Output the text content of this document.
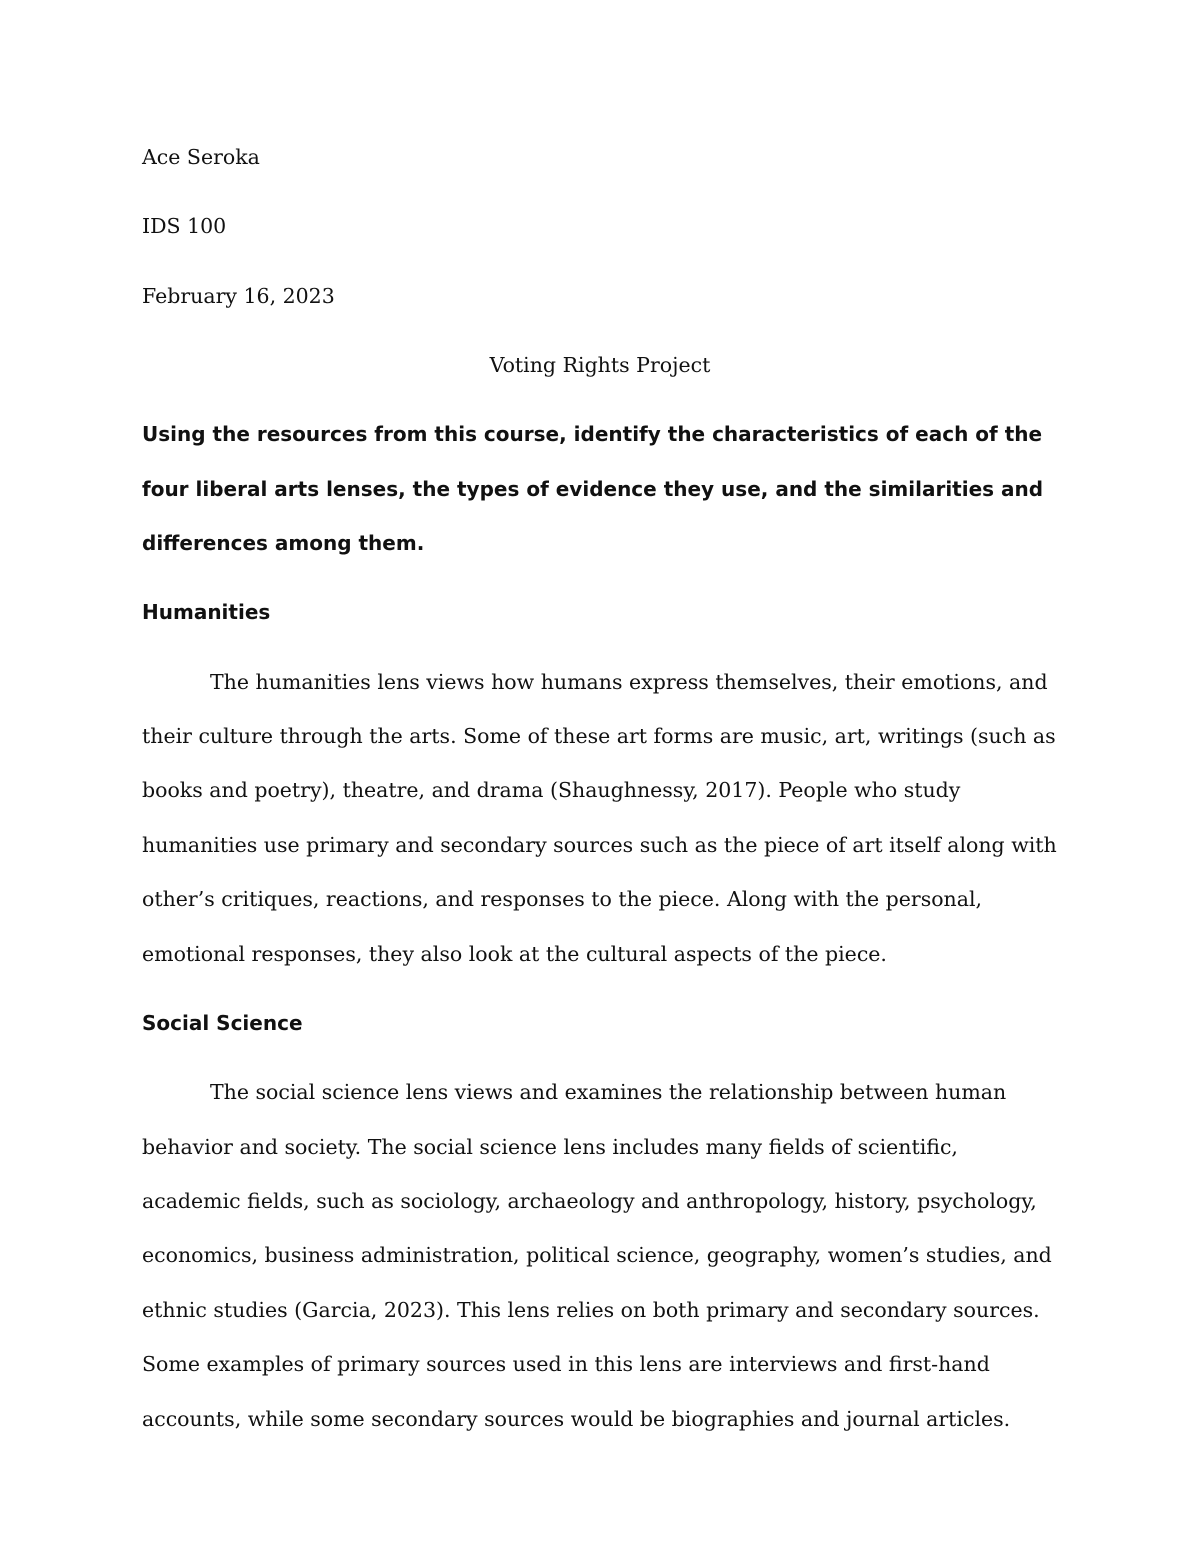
Ace Seroka

IDS 100

February 16, 2023

Voting Rights Project

Using the resources from this course, identify the characteristics of each of the four liberal arts lenses, the types of evidence they use, and the similarities and differences among them.

Humanities

The humanities lens views how humans express themselves, their emotions, and their culture through the arts. Some of these art forms are music, art, writings (such as books and poetry), theatre, and drama (Shaughnessy, 2017). People who study humanities use primary and secondary sources such as the piece of art itself along with other’s critiques, reactions, and responses to the piece. Along with the personal, emotional responses, they also look at the cultural aspects of the piece.

Social Science

The social science lens views and examines the relationship between human behavior and society. The social science lens includes many fields of scientific, academic fields, such as sociology, archaeology and anthropology, history, psychology, economics, business administration, political science, geography, women’s studies, and ethnic studies (Garcia, 2023). This lens relies on both primary and secondary sources. Some examples of primary sources used in this lens are interviews and first-hand accounts, while some secondary sources would be biographies and journal articles.
